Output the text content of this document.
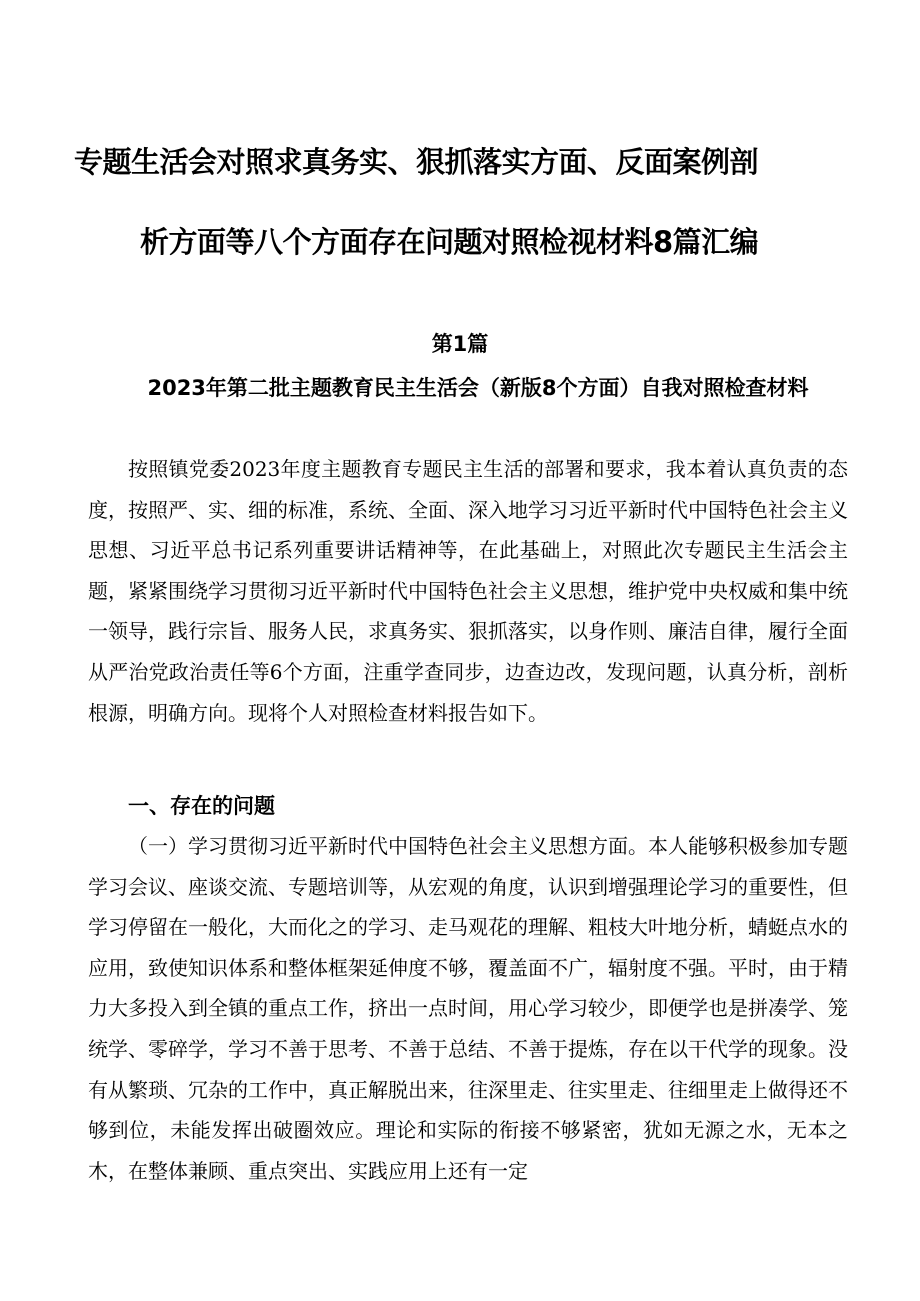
专题生活会对照求真务实、狠抓落实方面、反面案例剖
析方面等八个方面存在问题对照检视材料8篇汇编
第1篇
2023年第二批主题教育民主生活会（新版8个方面）自我对照检查材料

按照镇党委2023年度主题教育专题民主生活的部署和要求，我本着认真负责的态度，按照严、实、细的标准，系统、全面、深入地学习习近平新时代中国特色社会主义思想、习近平总书记系列重要讲话精神等，在此基础上，对照此次专题民主生活会主题，紧紧围绕学习贯彻习近平新时代中国特色社会主义思想，维护党中央权威和集中统一领导，践行宗旨、服务人民，求真务实、狠抓落实，以身作则、廉洁自律，履行全面从严治党政治责任等6个方面，注重学查同步，边查边改，发现问题，认真分析，剖析根源，明确方向。现将个人对照检查材料报告如下。

一、存在的问题

（一）学习贯彻习近平新时代中国特色社会主义思想方面。本人能够积极参加专题学习会议、座谈交流、专题培训等，从宏观的角度，认识到增强理论学习的重要性，但学习停留在一般化，大而化之的学习、走马观花的理解、粗枝大叶地分析，蜻蜓点水的应用，致使知识体系和整体框架延伸度不够，覆盖面不广，辐射度不强。平时，由于精力大多投入到全镇的重点工作，挤出一点时间，用心学习较少，即便学也是拼凑学、笼统学、零碎学，学习不善于思考、不善于总结、不善于提炼，存在以干代学的现象。没有从繁琐、冗杂的工作中，真正解脱出来，往深里走、往实里走、往细里走上做得还不够到位，未能发挥出破圈效应。理论和实际的衔接不够紧密，犹如无源之水，无本之木，在整体兼顾、重点突出、实践应用上还有一定
